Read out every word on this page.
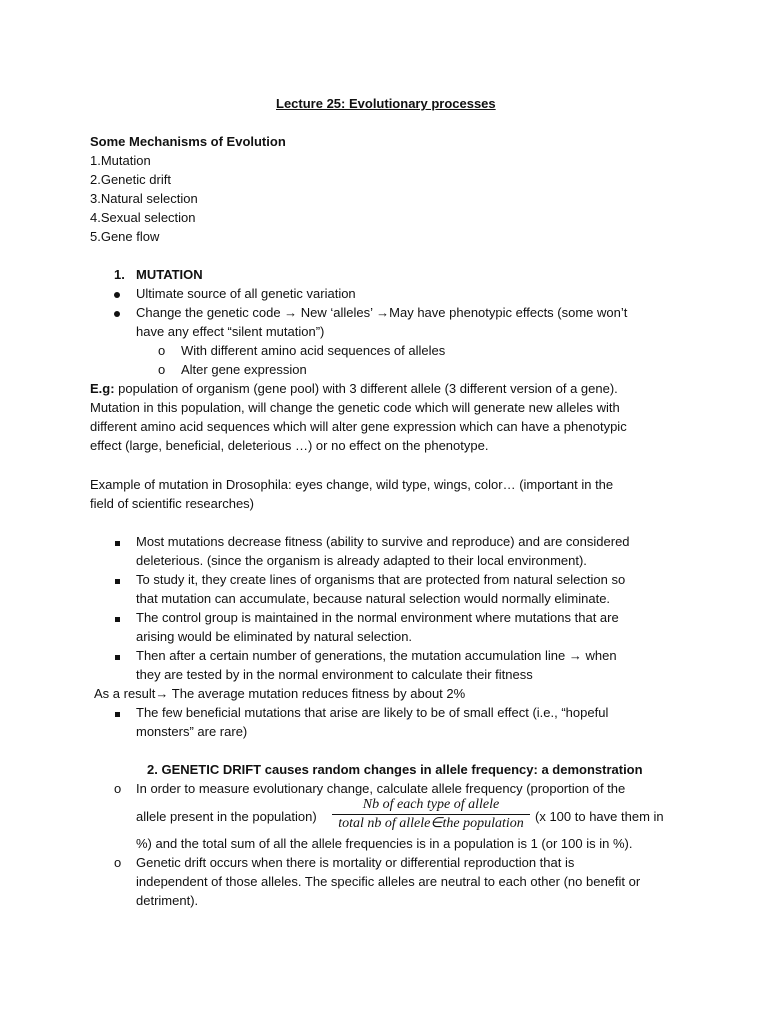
Lecture 25: Evolutionary processes
Some Mechanisms of Evolution
1.Mutation
2.Genetic drift
3.Natural selection
4.Sexual selection
5.Gene flow
1. MUTATION
Ultimate source of all genetic variation
Change the genetic code → New ‘alleles’ →May have phenotypic effects (some won’t
have any effect “silent mutation”)
o With different amino acid sequences of alleles
o Alter gene expression
E.g: population of organism (gene pool) with 3 different allele (3 different version of a gene).
Mutation in this population, will change the genetic code which will generate new alleles with
different amino acid sequences which will alter gene expression which can have a phenotypic
effect (large, beneficial, deleterious …) or no effect on the phenotype.
Example of mutation in Drosophila: eyes change, wild type, wings, color… (important in the
field of scientific researches)
Most mutations decrease fitness (ability to survive and reproduce) and are considered
deleterious. (since the organism is already adapted to their local environment).
To study it, they create lines of organisms that are protected from natural selection so
that mutation can accumulate, because natural selection would normally eliminate.
The control group is maintained in the normal environment where mutations that are
arising would be eliminated by natural selection.
Then after a certain number of generations, the mutation accumulation line → when
they are tested by in the normal environment to calculate their fitness
As a result→ The average mutation reduces fitness by about 2%
The few beneficial mutations that arise are likely to be of small effect (i.e., “hopeful
monsters” are rare)
2. GENETIC DRIFT causes random changes in allele frequency: a demonstration
o In order to measure evolutionary change, calculate allele frequency (proportion of the
allele present in the population)
Nb of each type of allele
total nb of allele∈the population (x 100 to have them in
%) and the total sum of all the allele frequencies is in a population is 1 (or 100 is in %).
o Genetic drift occurs when there is mortality or differential reproduction that is
independent of those alleles. The specific alleles are neutral to each other (no benefit or
detriment).
